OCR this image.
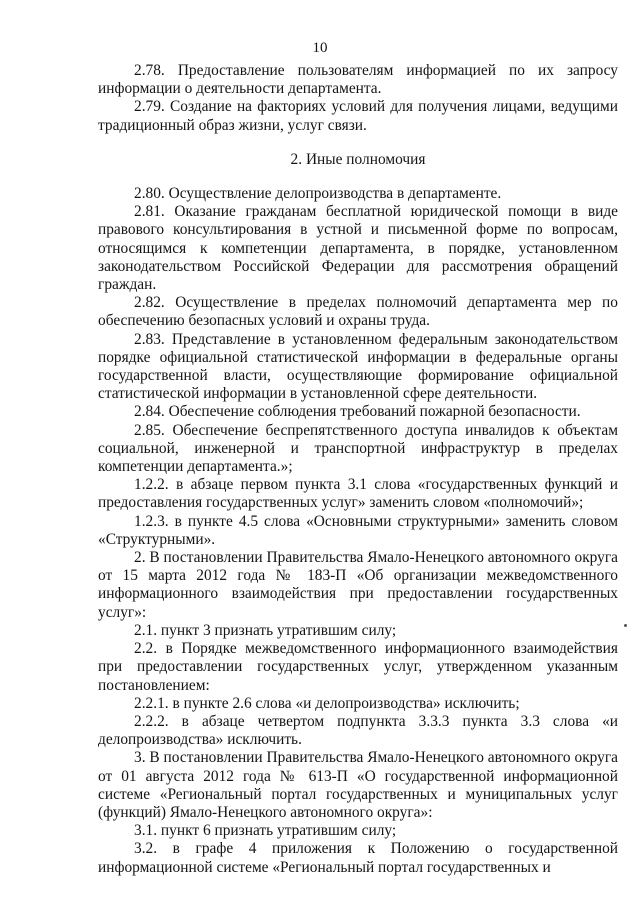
10

2.78. Предоставление пользователям информацией по их запросу информации о деятельности департамента.

2.79. Создание на факториях условий для получения лицами, ведущими традиционный образ жизни, услуг связи.

2. Иные полномочия

2.80. Осуществление делопроизводства в департаменте.

2.81. Оказание гражданам бесплатной юридической помощи в виде правового консультирования в устной и письменной форме по вопросам, относящимся к компетенции департамента, в порядке, установленном законодательством Российской Федерации для рассмотрения обращений граждан.

2.82. Осуществление в пределах полномочий департамента мер по обеспечению безопасных условий и охраны труда.

2.83. Представление в установленном федеральным законодательством порядке официальной статистической информации в федеральные органы государственной власти, осуществляющие формирование официальной статистической информации в установленной сфере деятельности.

2.84. Обеспечение соблюдения требований пожарной безопасности.

2.85. Обеспечение беспрепятственного доступа инвалидов к объектам социальной, инженерной и транспортной инфраструктур в пределах компетенции департамента.»;

1.2.2. в абзаце первом пункта 3.1 слова «государственных функций и предоставления государственных услуг» заменить словом «полномочий»;

1.2.3. в пункте 4.5 слова «Основными структурными» заменить словом «Структурными».

2. В постановлении Правительства Ямало-Ненецкого автономного округа от 15 марта 2012 года № 183-П «Об организации межведомственного информационного взаимодействия при предоставлении государственных услуг»:

2.1. пункт 3 признать утратившим силу;

2.2. в Порядке межведомственного информационного взаимодействия при предоставлении государственных услуг, утвержденном указанным постановлением:

2.2.1. в пункте 2.6 слова «и делопроизводства» исключить;

2.2.2. в абзаце четвертом подпункта 3.3.3 пункта 3.3 слова «и делопроизводства» исключить.

3. В постановлении Правительства Ямало-Ненецкого автономного округа от 01 августа 2012 года № 613-П «О государственной информационной системе «Региональный портал государственных и муниципальных услуг (функций) Ямало-Ненецкого автономного округа»:

3.1. пункт 6 признать утратившим силу;

3.2. в графе 4 приложения к Положению о государственной информационной системе «Региональный портал государственных и
